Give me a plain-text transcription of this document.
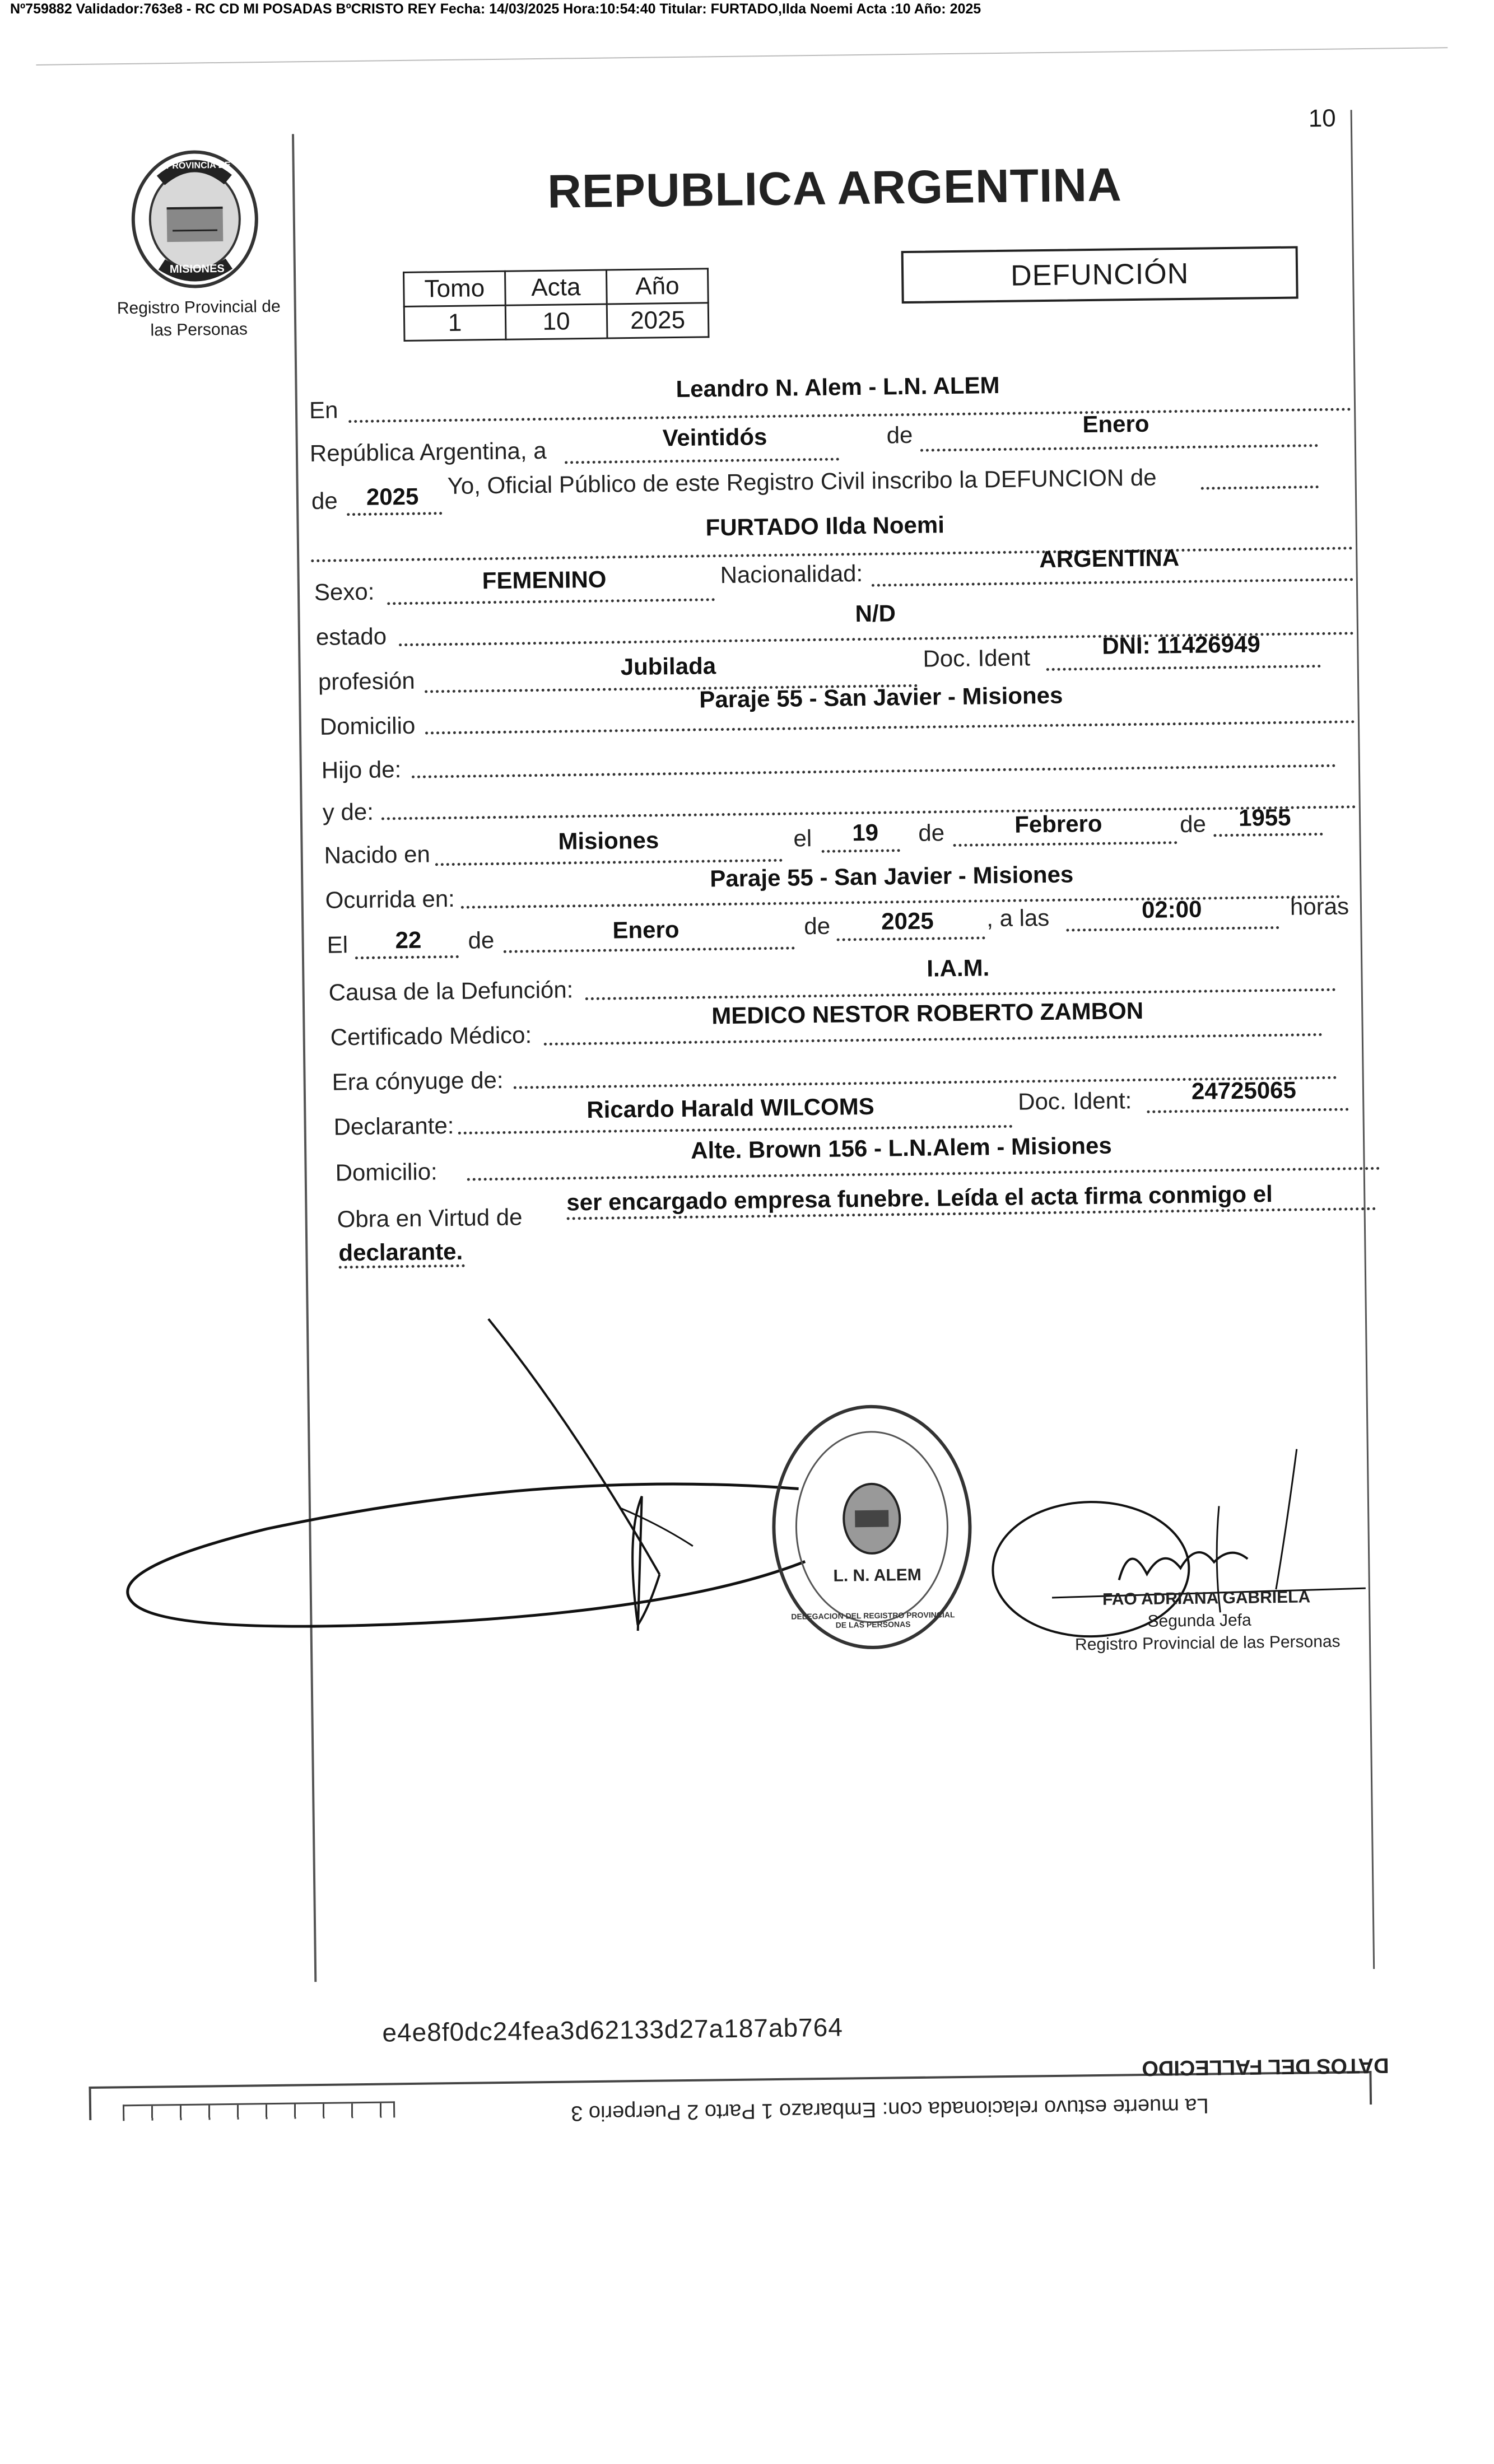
Nº759882 Validador:763e8 - RC CD MI POSADAS BºCRISTO REY Fecha: 14/03/2025 Hora:10:54:40 Titular: FURTADO,Ilda Noemi Acta :10 Año: 2025
10
PROVINCIA DE
MISIONES
Registro Provincial de
las Personas
REPUBLICA ARGENTINA
Tomo	Acta	Año
1	10	2025
DEFUNCIÓN
En
Leandro N. Alem - L.N. ALEM
República Argentina, a
Veintidós	de	Enero
de 2025 Yo, Oficial Público de este Registro Civil inscribo la DEFUNCION de
FURTADO Ilda Noemi
Sexo:	FEMENINO	Nacionalidad:
ARGENTINA
estado
N/D
profesión
Jubilada	Doc. Ident	DNI: 11426949
Domicilio
Paraje 55 - San Javier - Misiones
Hijo de:
y de:
Nacido en
Misiones	el 19 de	Febrero	de 1955
Ocurrida en:
Paraje 55 - San Javier - Misiones
El 22 de	Enero	de 2025 , a las	02:00	horas
Causa de la Defunción:
I.A.M.
Certificado Médico:
MEDICO NESTOR ROBERTO ZAMBON
Era cónyuge de:
Declarante:
Ricardo Harald WILCOMS	Doc. Ident:	24725065
Domicilio:
Alte. Brown 156 - L.N.Alem - Misiones
Obra en Virtud de
ser encargado empresa funebre. Leída el acta firma conmigo el
declarante.
DELEGACION DEL REGISTRO PROVINCIAL DE LAS PERSONAS
L. N. ALEM
FAO ADRIANA GABRIELA
Segunda Jefa
Registro Provincial de las Personas
e4e8f0dc24fea3d62133d27a187ab764
DATOS DEL FALLECIDO
La muerte estuvo relacionada con: Embarazo 1 Parto 2 Puerperio 3
